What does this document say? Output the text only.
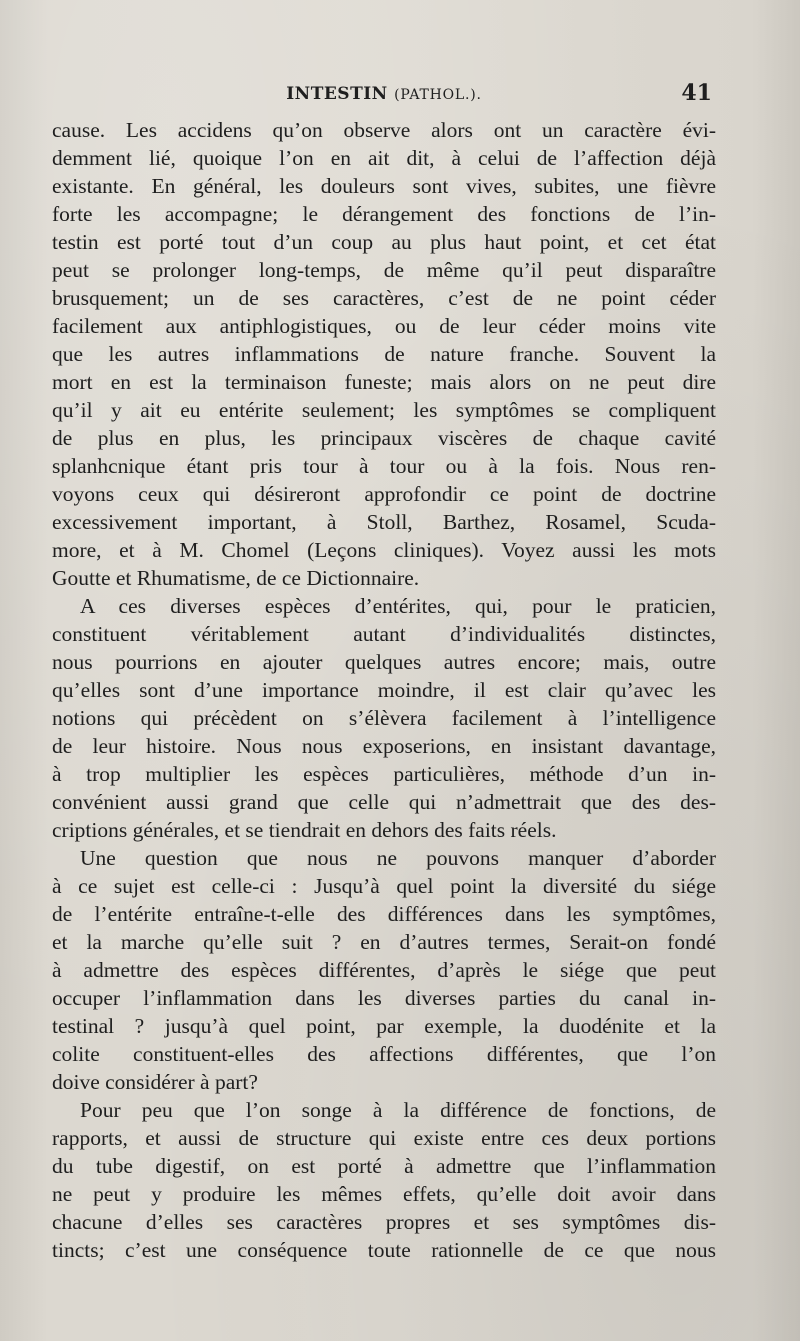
INTESTIN (PATHOL.).	41
cause. Les accidens qu’on observe alors ont un caractère évi-
demment lié, quoique l’on en ait dit, à celui de l’affection déjà
existante. En général, les douleurs sont vives, subites, une fièvre
forte les accompagne; le dérangement des fonctions de l’in-
testin est porté tout d’un coup au plus haut point, et cet état
peut se prolonger long-temps, de même qu’il peut disparaître
brusquement; un de ses caractères, c’est de ne point céder
facilement aux antiphlogistiques, ou de leur céder moins vite
que les autres inflammations de nature franche. Souvent la
mort en est la terminaison funeste; mais alors on ne peut dire
qu’il y ait eu entérite seulement; les symptômes se compliquent
de plus en plus, les principaux viscères de chaque cavité
splanhcnique étant pris tour à tour ou à la fois. Nous ren-
voyons ceux qui désireront approfondir ce point de doctrine
excessivement important, à Stoll, Barthez, Rosamel, Scuda-
more, et à M. Chomel (Leçons cliniques). Voyez aussi les mots
Goutte et Rhumatisme, de ce Dictionnaire.
A ces diverses espèces d’entérites, qui, pour le praticien,
constituent véritablement autant d’individualités distinctes,
nous pourrions en ajouter quelques autres encore; mais, outre
qu’elles sont d’une importance moindre, il est clair qu’avec les
notions qui précèdent on s’élèvera facilement à l’intelligence
de leur histoire. Nous nous exposerions, en insistant davantage,
à trop multiplier les espèces particulières, méthode d’un in-
convénient aussi grand que celle qui n’admettrait que des des-
criptions générales, et se tiendrait en dehors des faits réels.
Une question que nous ne pouvons manquer d’aborder
à ce sujet est celle-ci : Jusqu’à quel point la diversité du siége
de l’entérite entraîne-t-elle des différences dans les symptômes,
et la marche qu’elle suit ? en d’autres termes, Serait-on fondé
à admettre des espèces différentes, d’après le siége que peut
occuper l’inflammation dans les diverses parties du canal in-
testinal ? jusqu’à quel point, par exemple, la duodénite et la
colite constituent-elles des affections différentes, que l’on
doive considérer à part?
Pour peu que l’on songe à la différence de fonctions, de
rapports, et aussi de structure qui existe entre ces deux portions
du tube digestif, on est porté à admettre que l’inflammation
ne peut y produire les mêmes effets, qu’elle doit avoir dans
chacune d’elles ses caractères propres et ses symptômes dis-
tincts; c’est une conséquence toute rationnelle de ce que nous
